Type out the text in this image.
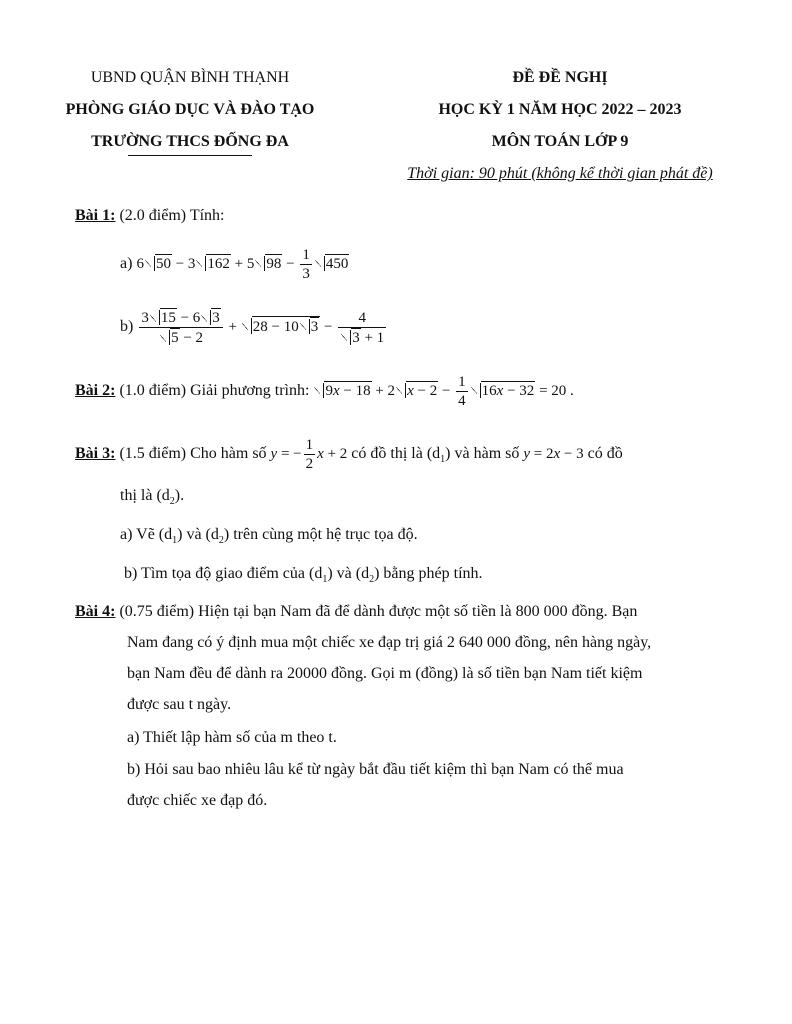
UBND QUẬN BÌNH THẠNH
PHÒNG GIÁO DỤC VÀ ĐÀO TẠO
TRƯỜNG THCS ĐỐNG ĐA
ĐỀ ĐỀ NGHỊ
HỌC KỲ 1 NĂM HỌC 2022 – 2023
MÔN TOÁN LỚP 9
Thời gian: 90 phút (không kể thời gian phát đề)
Bài 1: (2.0 điểm) Tính:
a) 6 50 − 3 162 + 5 $98 - \frac{1}{3} 450$
$b) \frac{3 15 - 6 3}{5 - 2} + 28 - 10$ $3 - \frac{4}{3 + 1}$
Bài 2: (1.0 điểm) Giải phương trình: 9x − 18 + 2 $x - 2 - \frac{1}{4} 16x - 32 = 20$ .
Bài 3: (1.5 điểm) Cho hàm số y = − $\frac{1}{2}$ x + 2 có đồ thị là $(d_1)$ và hàm số y = 2x − 3 có đồ
thị là $(d_2)$.
a) Vẽ $(d_1)$ và $(d_2)$ trên cùng một hệ trục tọa độ.
b) Tìm tọa độ giao điểm của $(d_1)$ và $(d_2)$ bằng phép tính.
Bài 4: (0.75 điểm) Hiện tại bạn Nam đã để dành được một số tiền là 800 000 đồng. Bạn
Nam đang có ý định mua một chiếc xe đạp trị giá 2 640 000 đồng, nên hàng ngày,
bạn Nam đều để dành ra 20000 đồng. Gọi m (đồng) là số tiền bạn Nam tiết kiệm
được sau t ngày.
a) Thiết lập hàm số của m theo t.
b) Hỏi sau bao nhiêu lâu kể từ ngày bắt đầu tiết kiệm thì bạn Nam có thể mua
được chiếc xe đạp đó.
